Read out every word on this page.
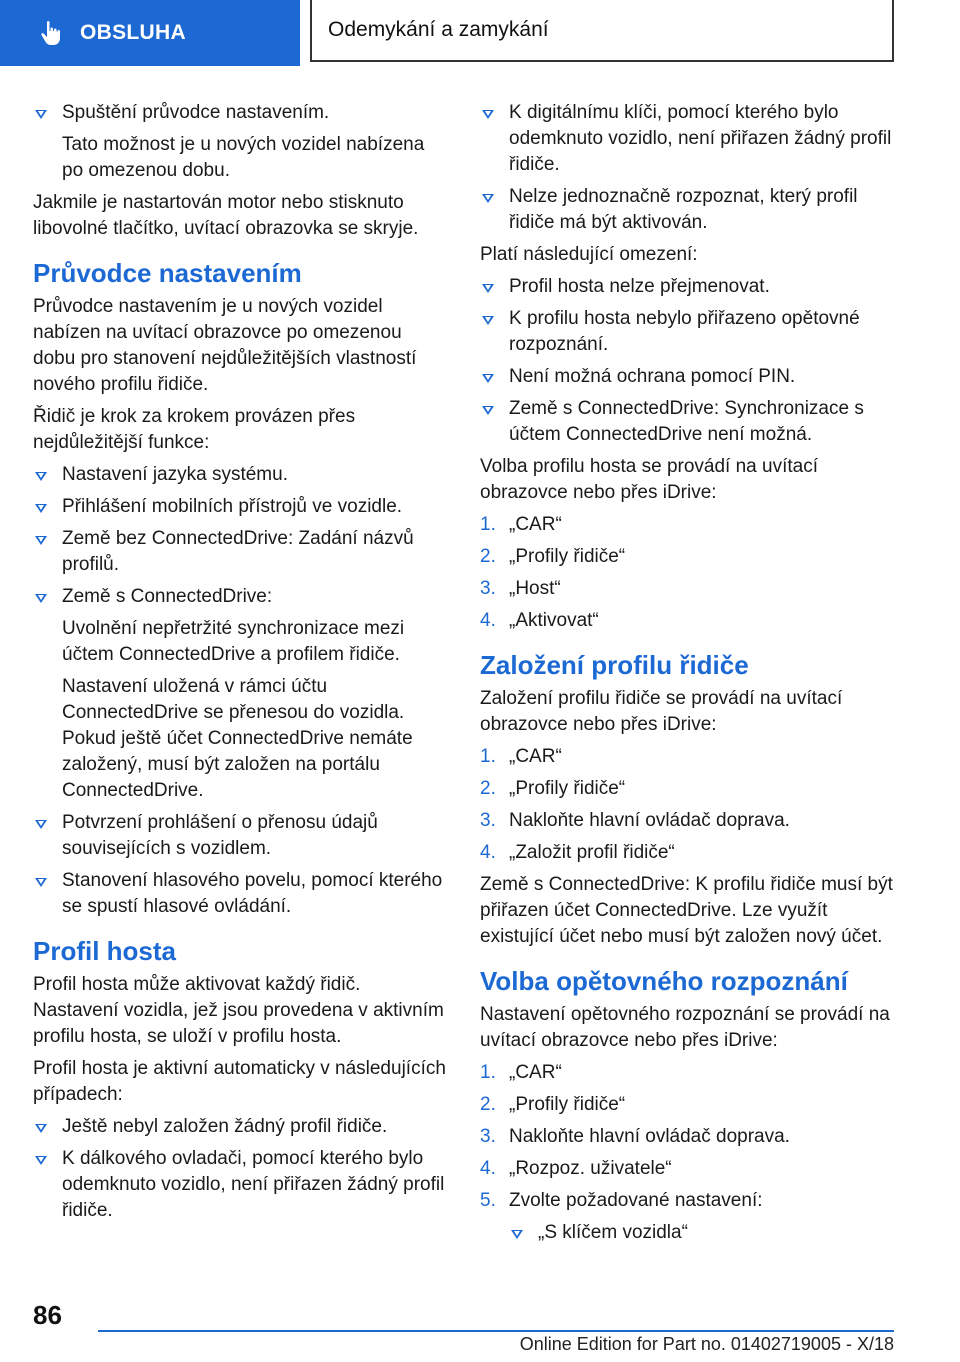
OBSLUHA	Odemykání a zamykání
Spuštění průvodce nastavením.
Tato možnost je u nových vozidel nabízena po omezenou dobu.

Jakmile je nastartován motor nebo stisknuto libovolné tlačítko, uvítací obrazovka se skryje.

Průvodce nastavením

Průvodce nastavením je u nových vozidel nabízen na uvítací obrazovce po omezenou dobu pro stanovení nejdůležitějších vlastností nového profilu řidiče.

Řidič je krok za krokem provázen přes nejdůležitější funkce:

Nastavení jazyka systému.
Přihlášení mobilních přístrojů ve vozidle.
Země bez ConnectedDrive: Zadání názvů profilů.
Země s ConnectedDrive:
Uvolnění nepřetržité synchronizace mezi účtem ConnectedDrive a profilem řidiče.
Nastavení uložená v rámci účtu ConnectedDrive se přenesou do vozidla. Pokud ještě účet ConnectedDrive nemáte založený, musí být založen na portálu ConnectedDrive.
Potvrzení prohlášení o přenosu údajů souvisejících s vozidlem.
Stanovení hlasového povelu, pomocí kterého se spustí hlasové ovládání.
Profil hosta

Profil hosta může aktivovat každý řidič. Nastavení vozidla, jež jsou provedena v aktivním profilu hosta, se uloží v profilu hosta.

Profil hosta je aktivní automaticky v následujících případech:

Ještě nebyl založen žádný profil řidiče.
K dálkového ovladači, pomocí kterého bylo odemknuto vozidlo, není přiřazen žádný profil řidiče.
K digitálnímu klíči, pomocí kterého bylo odemknuto vozidlo, není přiřazen žádný profil řidiče.
Nelze jednoznačně rozpoznat, který profil řidiče má být aktivován.

Platí následující omezení:

Profil hosta nelze přejmenovat.
K profilu hosta nebylo přiřazeno opětovné rozpoznání.
Není možná ochrana pomocí PIN.
Země s ConnectedDrive: Synchronizace s účtem ConnectedDrive není možná.

Volba profilu hosta se provádí na uvítací obrazovce nebo přes iDrive:

1. „CAR“
2. „Profily řidiče“
3. „Host“
4. „Aktivovat“
Založení profilu řidiče

Založení profilu řidiče se provádí na uvítací obrazovce nebo přes iDrive:

1. „CAR“
2. „Profily řidiče“
3. Nakloňte hlavní ovládač doprava.
4. „Založit profil řidiče“

Země s ConnectedDrive: K profilu řidiče musí být přiřazen účet ConnectedDrive. Lze využít existující účet nebo musí být založen nový účet.

Volba opětovného rozpoznání

Nastavení opětovného rozpoznání se provádí na uvítací obrazovce nebo přes iDrive:

1. „CAR“
2. „Profily řidiče“
3. Nakloňte hlavní ovládač doprava.
4. „Rozpoz. uživatele“
5. Zvolte požadované nastavení:
„S klíčem vozidla“
86
Online Edition for Part no. 01402719005 - X/18
